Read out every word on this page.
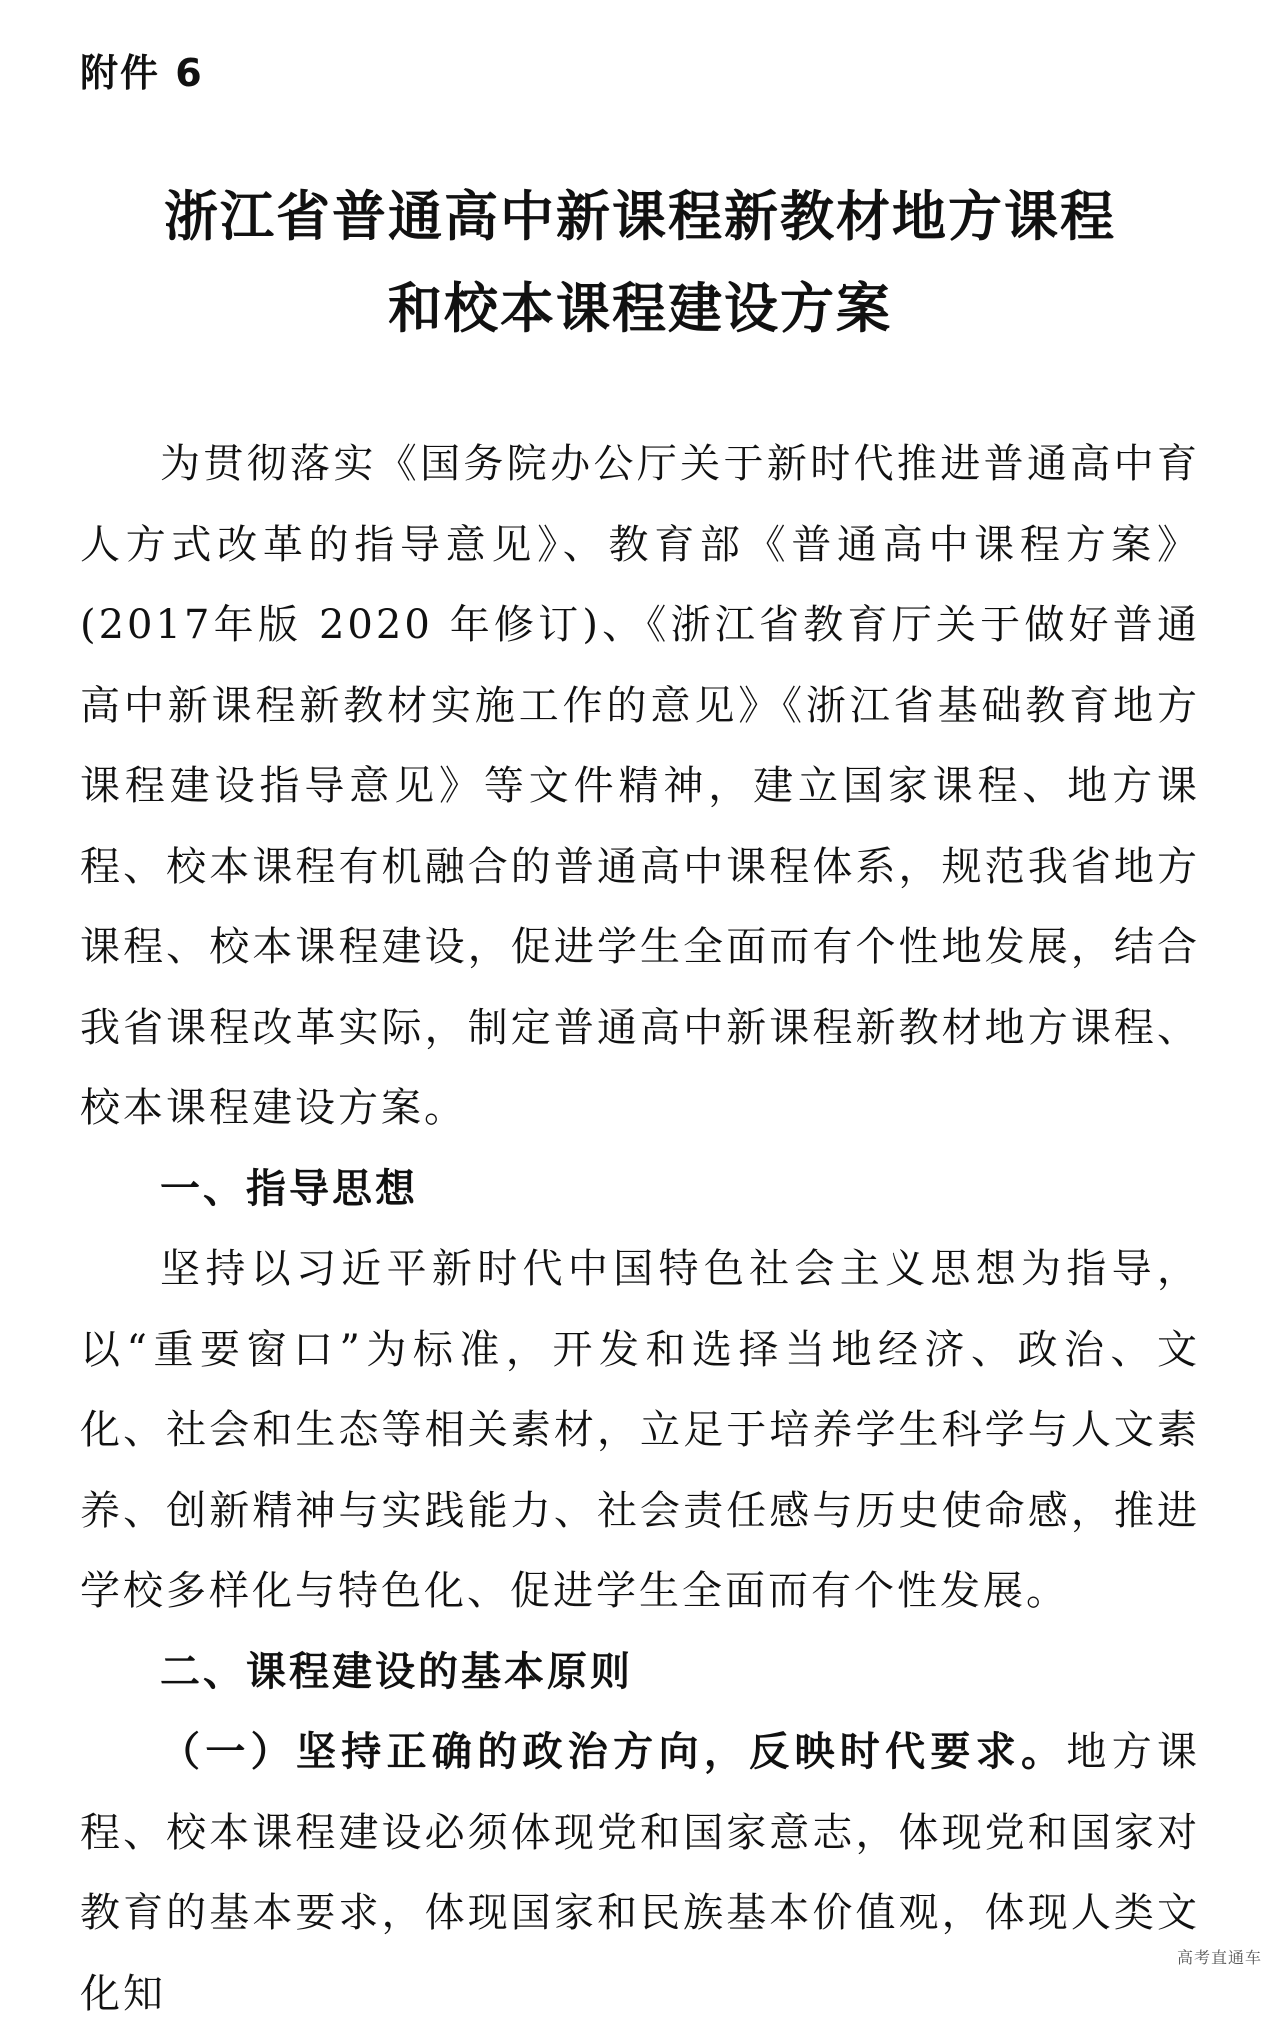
附件 6
浙江省普通高中新课程新教材地方课程
和校本课程建设方案

为贯彻落实《国务院办公厅关于新时代推进普通高中育人方式改革的指导意见》、教育部《普通高中课程方案》(2017年版 2020 年修订)、《浙江省教育厅关于做好普通高中新课程新教材实施工作的意见》《浙江省基础教育地方课程建设指导意见》等文件精神，建立国家课程、地方课程、校本课程有机融合的普通高中课程体系，规范我省地方课程、校本课程建设，促进学生全面而有个性地发展，结合我省课程改革实际，制定普通高中新课程新教材地方课程、校本课程建设方案。

一、指导思想

坚持以习近平新时代中国特色社会主义思想为指导，以“重要窗口”为标准，开发和选择当地经济、政治、文化、社会和生态等相关素材，立足于培养学生科学与人文素养、创新精神与实践能力、社会责任感与历史使命感，推进学校多样化与特色化、促进学生全面而有个性发展。

二、课程建设的基本原则

（一）坚持正确的政治方向，反映时代要求。地方课程、校本课程建设必须体现党和国家意志，体现党和国家对教育的基本要求，体现国家和民族基本价值观，体现人类文化知

高考直通车
